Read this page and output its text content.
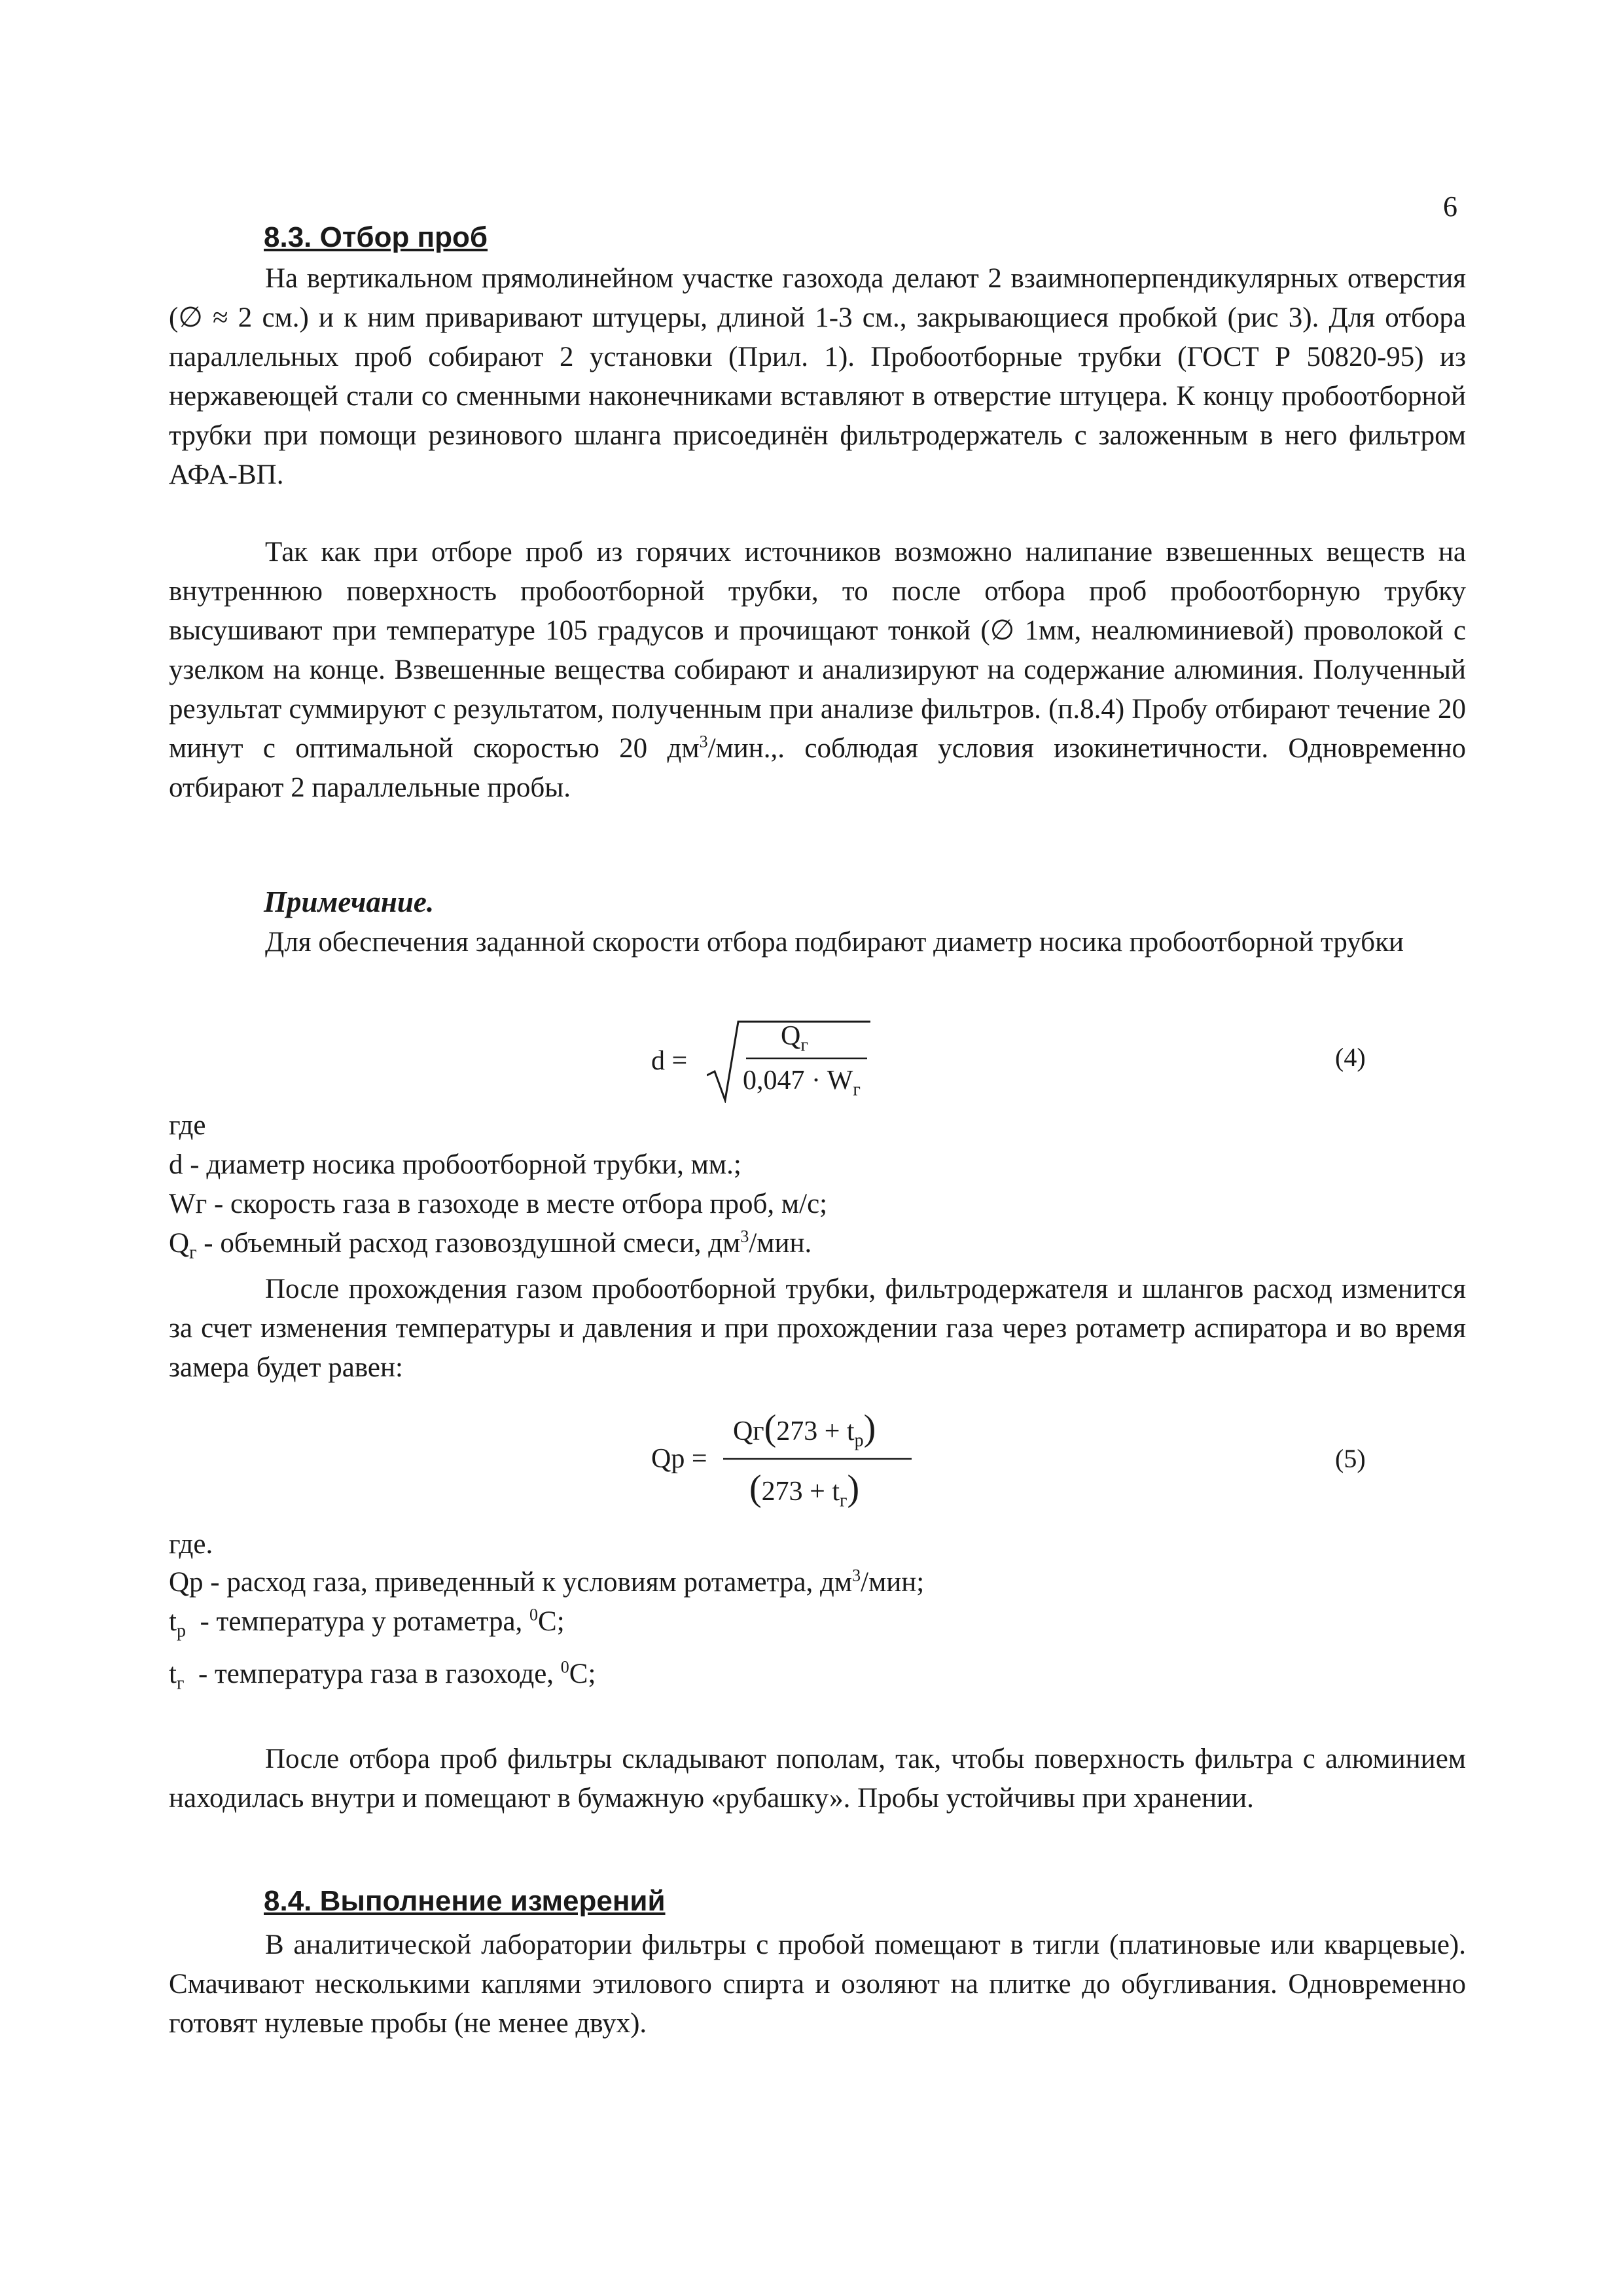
6
8.3. Отбор проб
На вертикальном прямолинейном участке газохода делают 2 взаимноперпендикулярных отверстия (∅ ≈ 2 см.) и к ним приваривают штуцеры, длиной 1-3 см., закрывающиеся пробкой (рис 3). Для отбора параллельных проб собирают 2 установки (Прил. 1). Пробоотборные трубки (ГОСТ Р 50820-95) из нержавеющей стали со сменными наконечниками вставляют в отверстие штуцера. К концу пробоотборной трубки при помощи резинового шланга присоединён фильтродержатель с заложенным в него фильтром АФА-ВП.
Так как при отборе проб из горячих источников возможно налипание взвешенных веществ на внутреннюю поверхность пробоотборной трубки, то после отбора проб пробоотборную трубку высушивают при температуре 105 градусов и прочищают тонкой (∅ 1мм, неалюминиевой) проволокой с узелком на конце. Взвешенные вещества собирают и анализируют на содержание алюминия. Полученный результат суммируют с результатом, полученным при анализе фильтров. (п.8.4) Пробу отбирают течение 20 минут с оптимальной скоростью 20 $дм^3$/мин.,. соблюдая условия изокинетичности. Одновременно отбирают 2 параллельные пробы.
Примечание.
Для обеспечения заданной скорости отбора подбирают диаметр носика пробоотборной трубки
d =
$Q_г$
$0,047 \cdot W_г$
(4)
где
d - диаметр носика пробоотборной трубки, мм.;
Wг - скорость газа в газоходе в месте отбора проб, м/с;
$Q_г$ - объемный расход газовоздушной смеси, $дм^3$/мин.
После прохождения газом пробоотборной трубки, фильтродержателя и шлангов расход изменится за счет изменения температуры и давления и при прохождении газа через ротаметр аспиратора и во время замера будет равен:
Qp =
$Qг(273 + t_p)$
$(273 + t_г)$
(5)
где.
Qp - расход газа, приведенный к условиям ротаметра, $дм^3$/мин;
$t_p$  - температура у ротаметра, $^0$C;
$t_г$  - температура газа в газоходе, $^0$C;
После отбора проб фильтры складывают пополам, так, чтобы поверхность фильтра с алюминием находилась внутри и помещают в бумажную «рубашку». Пробы устойчивы при хранении.
8.4. Выполнение измерений
В аналитической лаборатории фильтры с пробой помещают в тигли (платиновые или кварцевые). Смачивают несколькими каплями этилового спирта и озоляют на плитке до обугливания. Одновременно готовят нулевые пробы (не менее двух).
